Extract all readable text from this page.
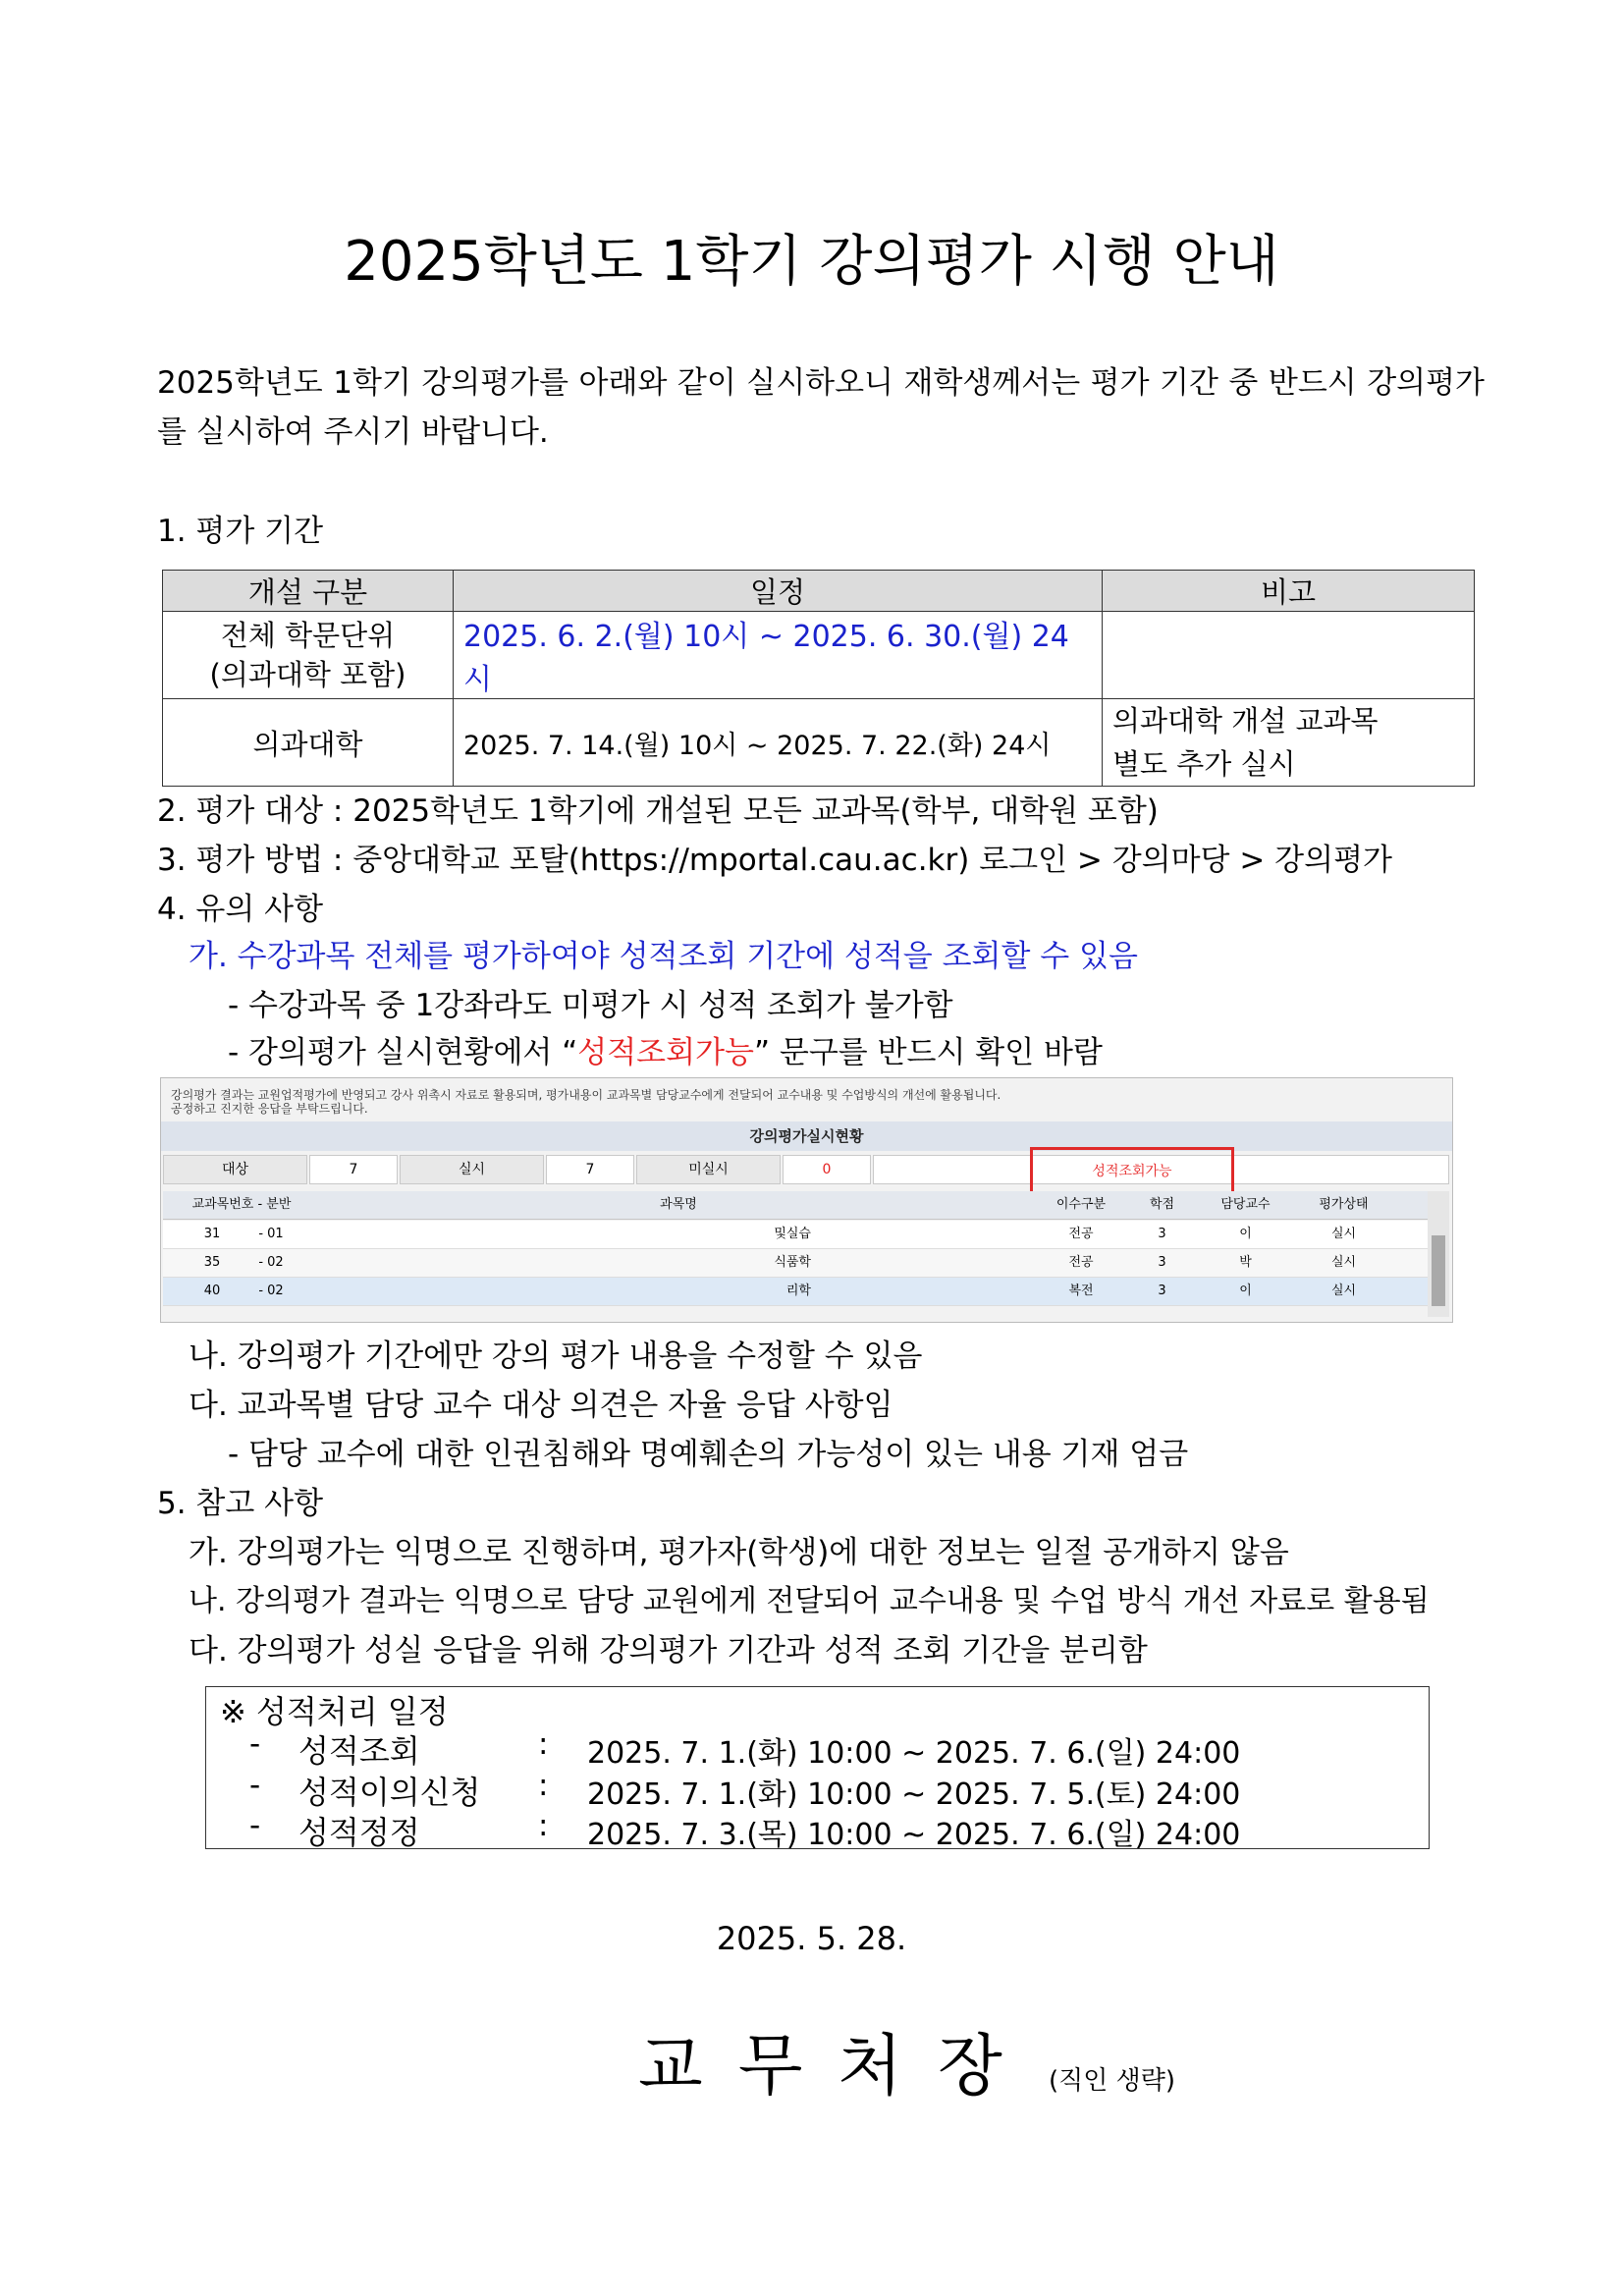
2025학년도 1학기 강의평가 시행 안내
2025학년도 1학기 강의평가를 아래와 같이 실시하오니 재학생께서는 평가 기간 중 반드시 강의평가를 실시하여 주시기 바랍니다.
1. 평가 기간
개설 구분	일정	비고

전체 학문단위
(의과대학 포함)	2025. 6. 2.(월) 10시 ~ 2025. 6. 30.(월) 24시	

의과대학	2025. 7. 14.(월) 10시 ~ 2025. 7. 22.(화) 24시	의과대학 개설 교과목
별도 추가 실시
2. 평가 대상 : 2025학년도 1학기에 개설된 모든 교과목(학부, 대학원 포함)
3. 평가 방법 : 중앙대학교 포탈(https://mportal.cau.ac.kr) 로그인 > 강의마당 > 강의평가
4. 유의 사항
가. 수강과목 전체를 평가하여야 성적조회 기간에 성적을 조회할 수 있음
- 수강과목 중 1강좌라도 미평가 시 성적 조회가 불가함
- 강의평가 실시현황에서 “성적조회가능” 문구를 반드시 확인 바람
강의평가 결과는 교원업적평가에 반영되고 강사 위촉시 자료로 활용되며, 평가내용이 교과목별 담당교수에게 전달되어 교수내용 및 수업방식의 개선에 활용됩니다.
공정하고 진지한 응답을 부탁드립니다.
강의평가실시현황
대상	7	실시	7	미실시	0	성적조회가능
교과목번호 - 분반	과목명	이수구분	학점	담당교수	평가상태
31	- 01	및실습	전공	3	이	실시
35	- 02	식품학	전공	3	박	실시
40	- 02	리학	복전	3	이	실시
나. 강의평가 기간에만 강의 평가 내용을 수정할 수 있음
다. 교과목별 담당 교수 대상 의견은 자율 응답 사항임
- 담당 교수에 대한 인권침해와 명예훼손의 가능성이 있는 내용 기재 엄금
5. 참고 사항
가. 강의평가는 익명으로 진행하며, 평가자(학생)에 대한 정보는 일절 공개하지 않음
나. 강의평가 결과는 익명으로 담당 교원에게 전달되어 교수내용 및 수업 방식 개선 자료로 활용됨
다. 강의평가 성실 응답을 위해 강의평가 기간과 성적 조회 기간을 분리함
※ 성적처리 일정
- 성적조회	: 2025. 7. 1.(화) 10:00 ~ 2025. 7. 6.(일) 24:00
- 성적이의신청 : 2025. 7. 1.(화) 10:00 ~ 2025. 7. 5.(토) 24:00
- 성적정정	: 2025. 7. 3.(목) 10:00 ~ 2025. 7. 6.(일) 24:00
2025. 5. 28.
교무처장 (직인 생략)
